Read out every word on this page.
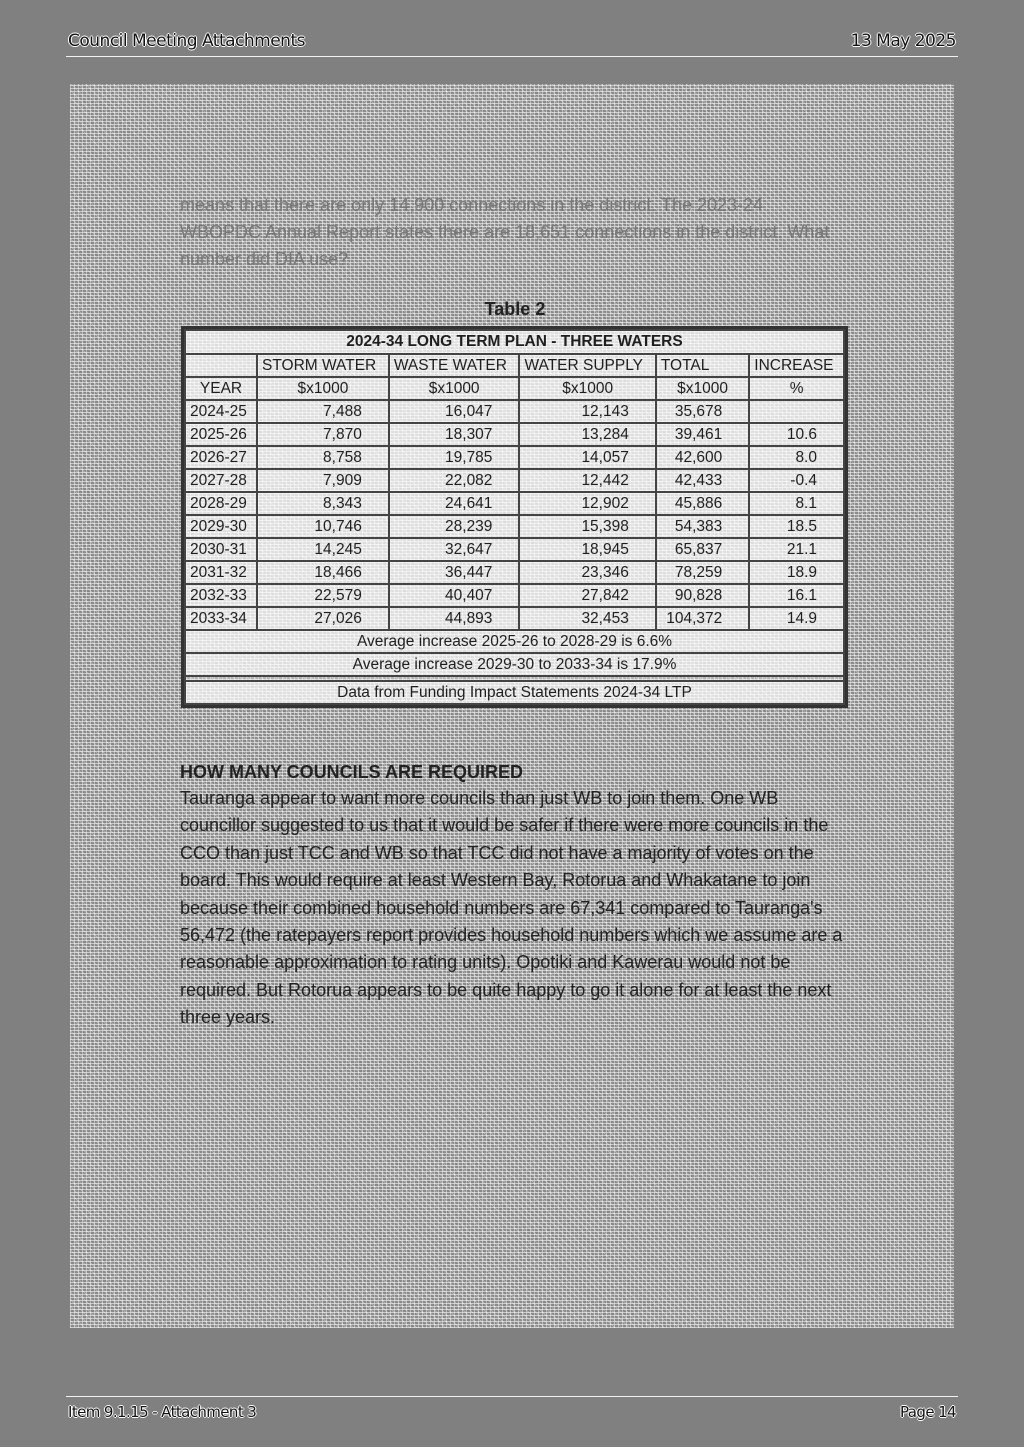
Council Meeting Attachments	13 May 2025

means that there are only 14,900 connections in the district. The 2023-24 WBOPDC Annual Report states there are 18,651 connections in the district. What number did DIA use?

Table 2
2024-34 LONG TERM PLAN - THREE WATERS					
	STORM WATER	WASTE WATER	WATER SUPPLY	TOTAL	INCREASE
YEAR	$x1000	$x1000	$x1000	$x1000	%
2024-25	7,488	16,047	12,143	35,678	
2025-26	7,870	18,307	13,284	39,461	10.6
2026-27	8,758	19,785	14,057	42,600	8.0
2027-28	7,909	22,082	12,442	42,433	-0.4
2028-29	8,343	24,641	12,902	45,886	8.1
2029-30	10,746	28,239	15,398	54,383	18.5
2030-31	14,245	32,647	18,945	65,837	21.1
2031-32	18,466	36,447	23,346	78,259	18.9
2032-33	22,579	40,407	27,842	90,828	16.1
2033-34	27,026	44,893	32,453	104,372	14.9
Average increase 2025-26 to 2028-29 is 6.6%					
Average increase 2029-30 to 2033-34 is 17.9%					

Data from Funding Impact Statements 2024-34 LTP					
HOW MANY COUNCILS ARE REQUIRED

Tauranga appear to want more councils than just WB to join them. One WB councillor suggested to us that it would be safer if there were more councils in the CCO than just TCC and WB so that TCC did not have a majority of votes on the board. This would require at least Western Bay, Rotorua and Whakatane to join because their combined household numbers are 67,341 compared to Tauranga's 56,472 (the ratepayers report provides household numbers which we assume are a reasonable approximation to rating units). Opotiki and Kawerau would not be required. But Rotorua appears to be quite happy to go it alone for at least the next three years.

Item 9.1.15 - Attachment 3	Page 14
